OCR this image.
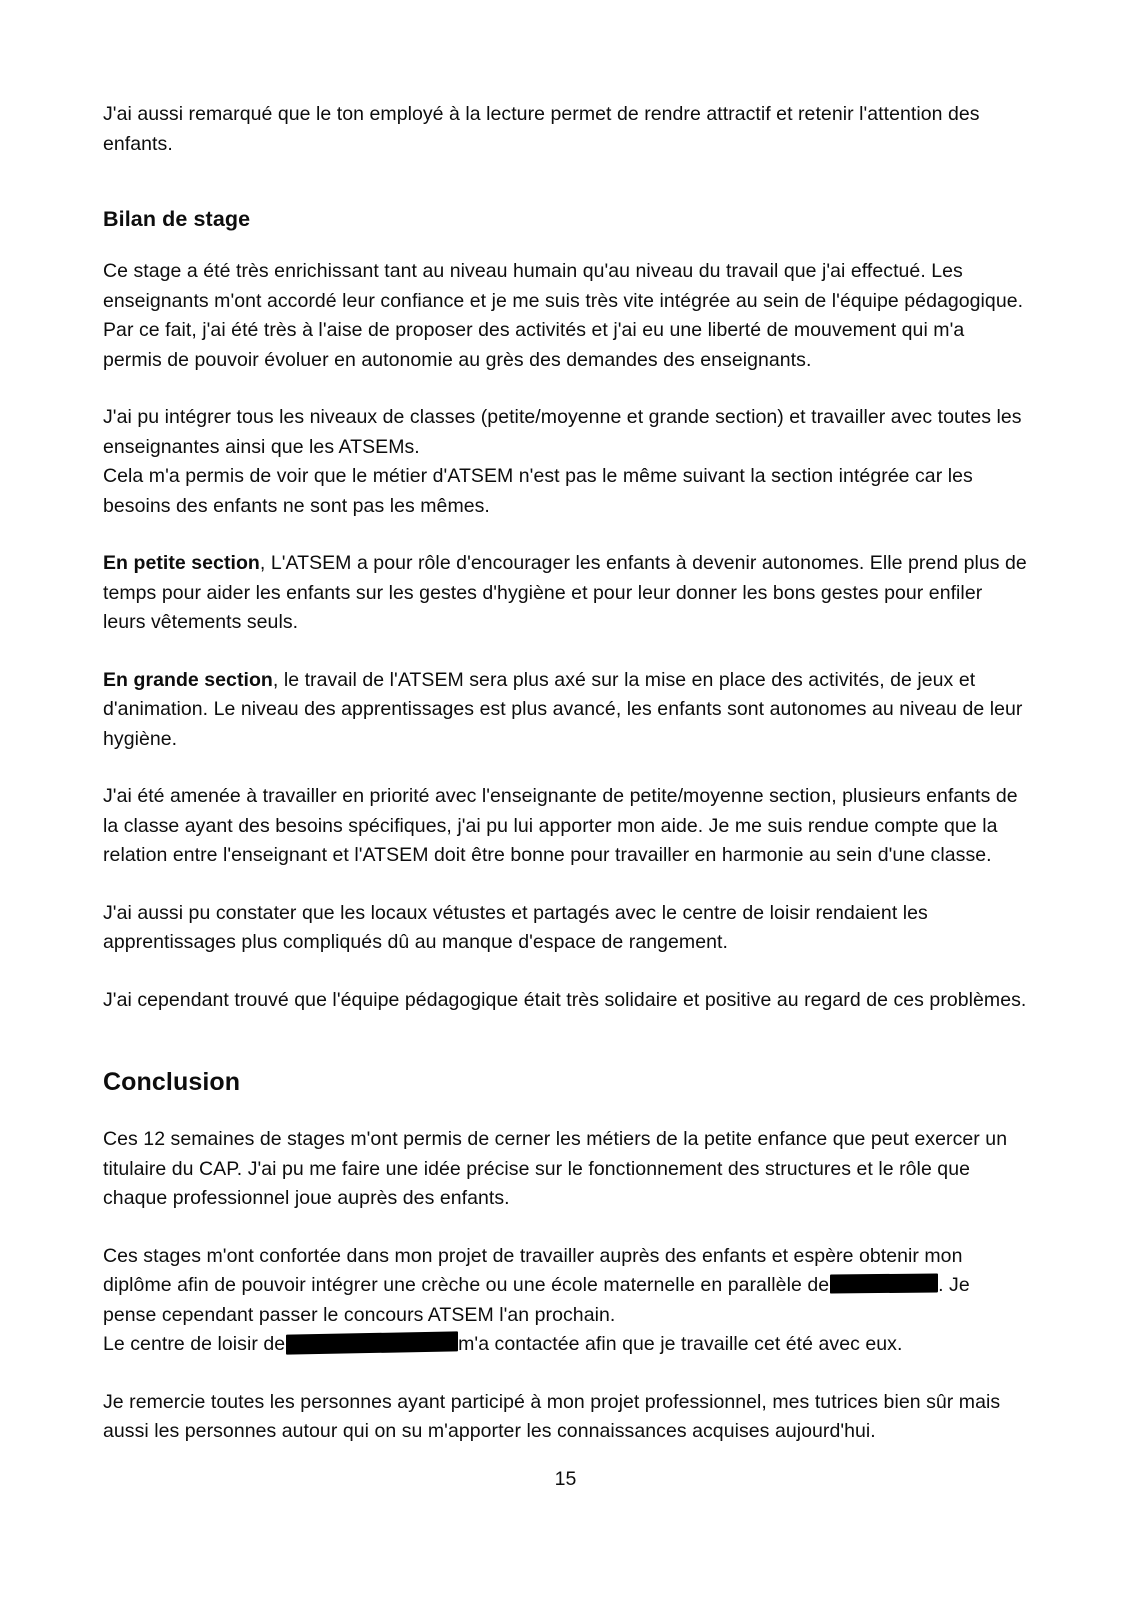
J'ai aussi remarqué que le ton employé à la lecture permet de rendre attractif et retenir l'attention des enfants.

Bilan de stage

Ce stage a été très enrichissant tant au niveau humain qu'au niveau du travail que j'ai effectué. Les enseignants m'ont accordé leur confiance et je me suis très vite intégrée au sein de l'équipe pédagogique.

Par ce fait, j'ai été très à l'aise de proposer des activités et j'ai eu une liberté de mouvement qui m'a permis de pouvoir évoluer en autonomie au grès des demandes des enseignants.

J'ai pu intégrer tous les niveaux de classes (petite/moyenne et grande section) et travailler avec toutes les enseignantes ainsi que les ATSEMs.

Cela m'a permis de voir que le métier d'ATSEM n'est pas le même suivant la section intégrée car les besoins des enfants ne sont pas les mêmes.

En petite section, L'ATSEM a pour rôle d'encourager les enfants à devenir autonomes. Elle prend plus de temps pour aider les enfants sur les gestes d'hygiène et pour leur donner les bons gestes pour enfiler leurs vêtements seuls.

En grande section, le travail de l'ATSEM sera plus axé sur la mise en place des activités, de jeux et d'animation. Le niveau des apprentissages est plus avancé, les enfants sont autonomes au niveau de leur hygiène.

J'ai été amenée à travailler en priorité avec l'enseignante de petite/moyenne section, plusieurs enfants de la classe ayant des besoins spécifiques, j'ai pu lui apporter mon aide. Je me suis rendue compte que la relation entre l'enseignant et l'ATSEM doit être bonne pour travailler en harmonie au sein d'une classe.

J'ai aussi pu constater que les locaux vétustes et partagés avec le centre de loisir rendaient les apprentissages plus compliqués dû au manque d'espace de rangement.

J'ai cependant trouvé que l'équipe pédagogique était très solidaire et positive au regard de ces problèmes.

Conclusion

Ces 12 semaines de stages m'ont permis de cerner les métiers de la petite enfance que peut exercer un titulaire du CAP. J'ai pu me faire une idée précise sur le fonctionnement des structures et le rôle que chaque professionnel joue auprès des enfants.

Ces stages m'ont confortée dans mon projet de travailler auprès des enfants et espère obtenir mon diplôme afin de pouvoir intégrer une crèche ou une école maternelle en parallèle de	. Je pense cependant passer le concours ATSEM l'an prochain.

Le centre de loisir de	m'a contactée afin que je travaille cet été avec eux.

Je remercie toutes les personnes ayant participé à mon projet professionnel, mes tutrices bien sûr mais aussi les personnes autour qui on su m'apporter les connaissances acquises aujourd'hui.

15
